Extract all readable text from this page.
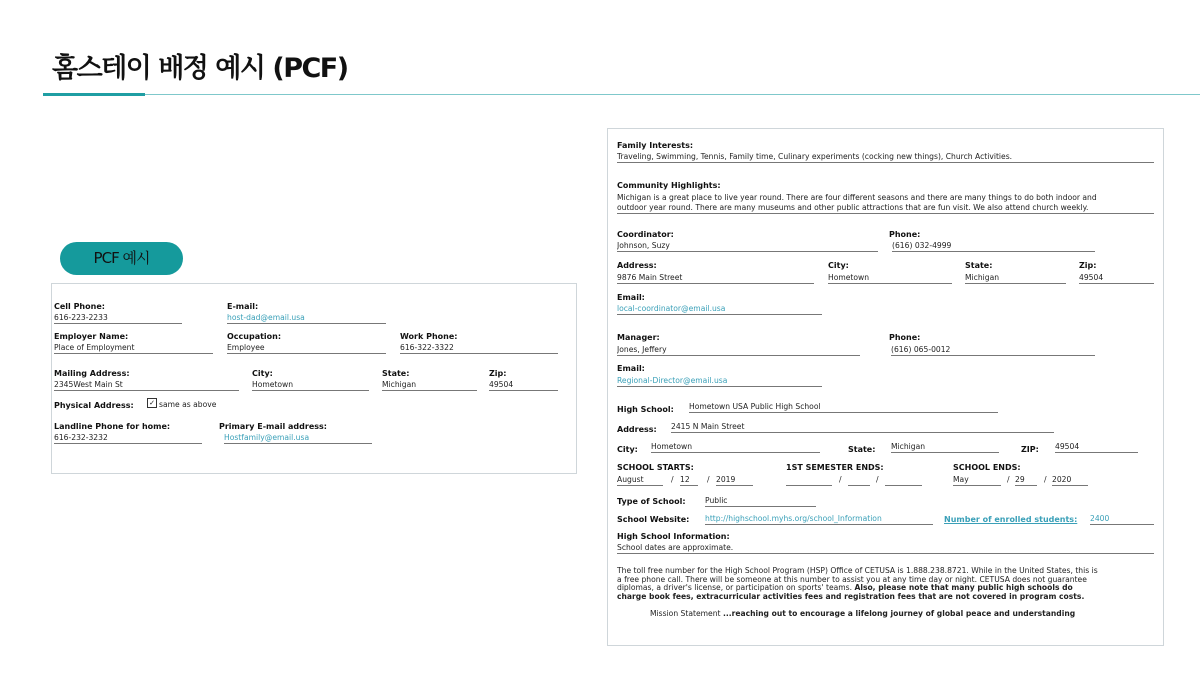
홈스테이 배정 예시 (PCF)
PCF 예시
Cell Phone:
616-223-2233
E-mail:
host-dad@email.usa
Employer Name:
Place of Employment
Occupation:
Employee
Work Phone:
616-322-3322
Mailing Address:
2345West Main St
City:
Hometown
State:
Michigan
Zip:
49504
Physical Address: ✓ same as above
Landline Phone for home:
616-232-3232
Primary E-mail address:
Hostfamily@email.usa
Family Interests:
Traveling, Swimming, Tennis, Family time, Culinary experiments (cocking new things), Church Activities.
Community Highlights:
Michigan is a great place to live year round. There are four different seasons and there are many things to do both indoor and
outdoor year round. There are many museums and other public attractions that are fun visit. We also attend church weekly.
Coordinator:
Johnson, Suzy
Phone:
(616) 032-4999
Address:
9876 Main Street
City:
Hometown
State:
Michigan
Zip:
49504
Email:
local-coordinator@email.usa
Manager:
Jones, Jeffery
Phone:
(616) 065-0012
Email:
Regional-Director@email.usa
High School: Hometown USA Public High School
Address: 2415 N Main Street
City: Hometown	State: Michigan	ZIP: 49504
SCHOOL STARTS:
August	/ 12	/ 2019
1ST SEMESTER ENDS:
/	/
SCHOOL ENDS:
May	/ 29	/ 2020
Type of School:	Public
School Website: http://highschool.myhs.org/school_Information	Number of enrolled students: 2400
High School Information:
School dates are approximate.
The toll free number for the High School Program (HSP) Office of CETUSA is 1.888.238.8721. While in the United States, this is
a free phone call. There will be someone at this number to assist you at any time day or night. CETUSA does not guarantee
diplomas, a driver's license, or participation on sports' teams. Also, please note that many public high schools do
charge book fees, extracurricular activities fees and registration fees that are not covered in program costs.
Mission Statement ...reaching out to encourage a lifelong journey of global peace and understanding
